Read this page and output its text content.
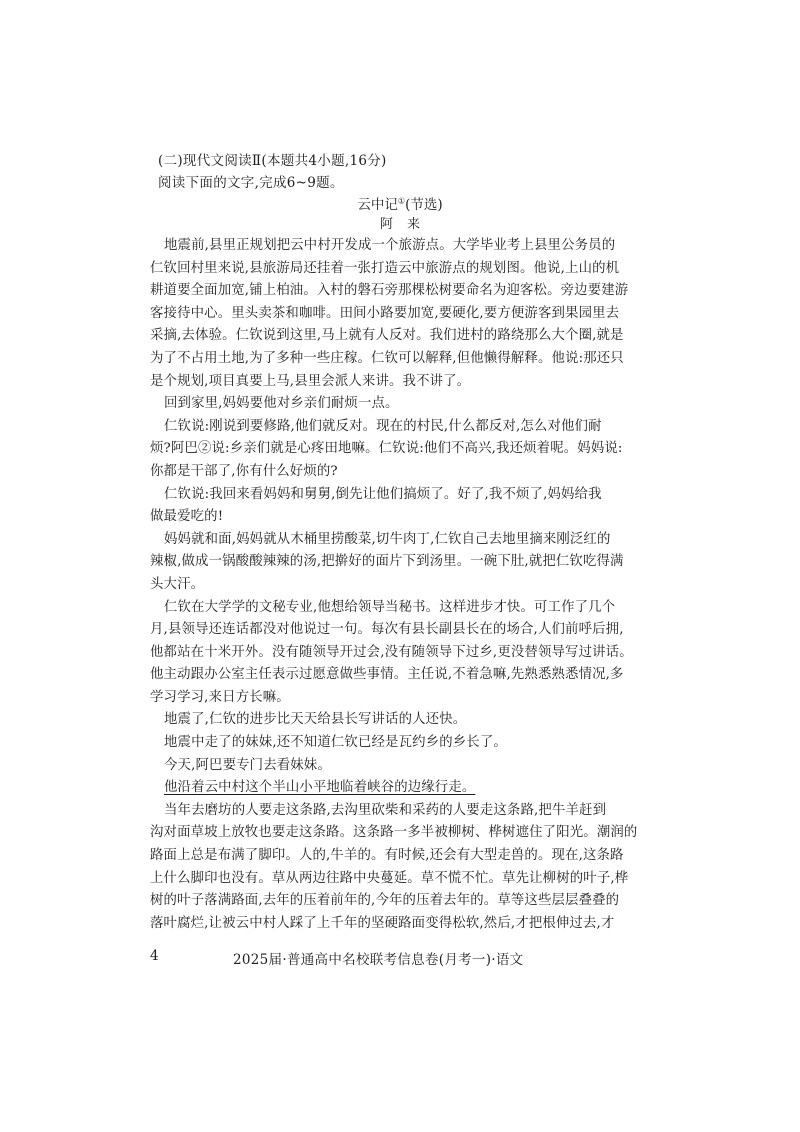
(二)现代文阅读Ⅱ(本题共4小题,16分)
阅读下面的文字,完成6~9题。
云中记①(节选)
阿来
地震前,县里正规划把云中村开发成一个旅游点。大学毕业考上县里公务员的
仁钦回村里来说,县旅游局还挂着一张打造云中旅游点的规划图。他说,上山的机
耕道要全面加宽,铺上柏油。入村的磐石旁那棵松树要命名为迎客松。旁边要建游
客接待中心。里头卖茶和咖啡。田间小路要加宽,要硬化,要方便游客到果园里去
采摘,去体验。仁钦说到这里,马上就有人反对。我们进村的路绕那么大个圈,就是
为了不占用土地,为了多种一些庄稼。仁钦可以解释,但他懒得解释。他说:那还只
是个规划,项目真要上马,县里会派人来讲。我不讲了。
回到家里,妈妈要他对乡亲们耐烦一点。
仁钦说:刚说到要修路,他们就反对。现在的村民,什么都反对,怎么对他们耐
烦?阿巴②说:乡亲们就是心疼田地嘛。仁钦说:他们不高兴,我还烦着呢。妈妈说:
你都是干部了,你有什么好烦的?
仁钦说:我回来看妈妈和舅舅,倒先让他们搞烦了。好了,我不烦了,妈妈给我
做最爱吃的!
妈妈就和面,妈妈就从木桶里捞酸菜,切牛肉丁,仁钦自己去地里摘来刚泛红的
辣椒,做成一锅酸酸辣辣的汤,把擀好的面片下到汤里。一碗下肚,就把仁钦吃得满
头大汗。
仁钦在大学学的文秘专业,他想给领导当秘书。这样进步才快。可工作了几个
月,县领导还连话都没对他说过一句。每次有县长副县长在的场合,人们前呼后拥,
他都站在十米开外。没有随领导开过会,没有随领导下过乡,更没替领导写过讲话。
他主动跟办公室主任表示过愿意做些事情。主任说,不着急嘛,先熟悉熟悉情况,多
学习学习,来日方长嘛。
地震了,仁钦的进步比天天给县长写讲话的人还快。
地震中走了的妹妹,还不知道仁钦已经是瓦约乡的乡长了。
今天,阿巴要专门去看妹妹。
他沿着云中村这个半山小平地临着峡谷的边缘行走。
当年去磨坊的人要走这条路,去沟里砍柴和采药的人要走这条路,把牛羊赶到
沟对面草坡上放牧也要走这条路。这条路一多半被柳树、桦树遮住了阳光。潮润的
路面上总是布满了脚印。人的,牛羊的。有时候,还会有大型走兽的。现在,这条路
上什么脚印也没有。草从两边往路中央蔓延。草不慌不忙。草先让柳树的叶子,桦
树的叶子落满路面,去年的压着前年的,今年的压着去年的。草等这些层层叠叠的
落叶腐烂,让被云中村人踩了上千年的坚硬路面变得松软,然后,才把根伸过去,才
4	2025届·普通高中名校联考信息卷(月考一)·语文
